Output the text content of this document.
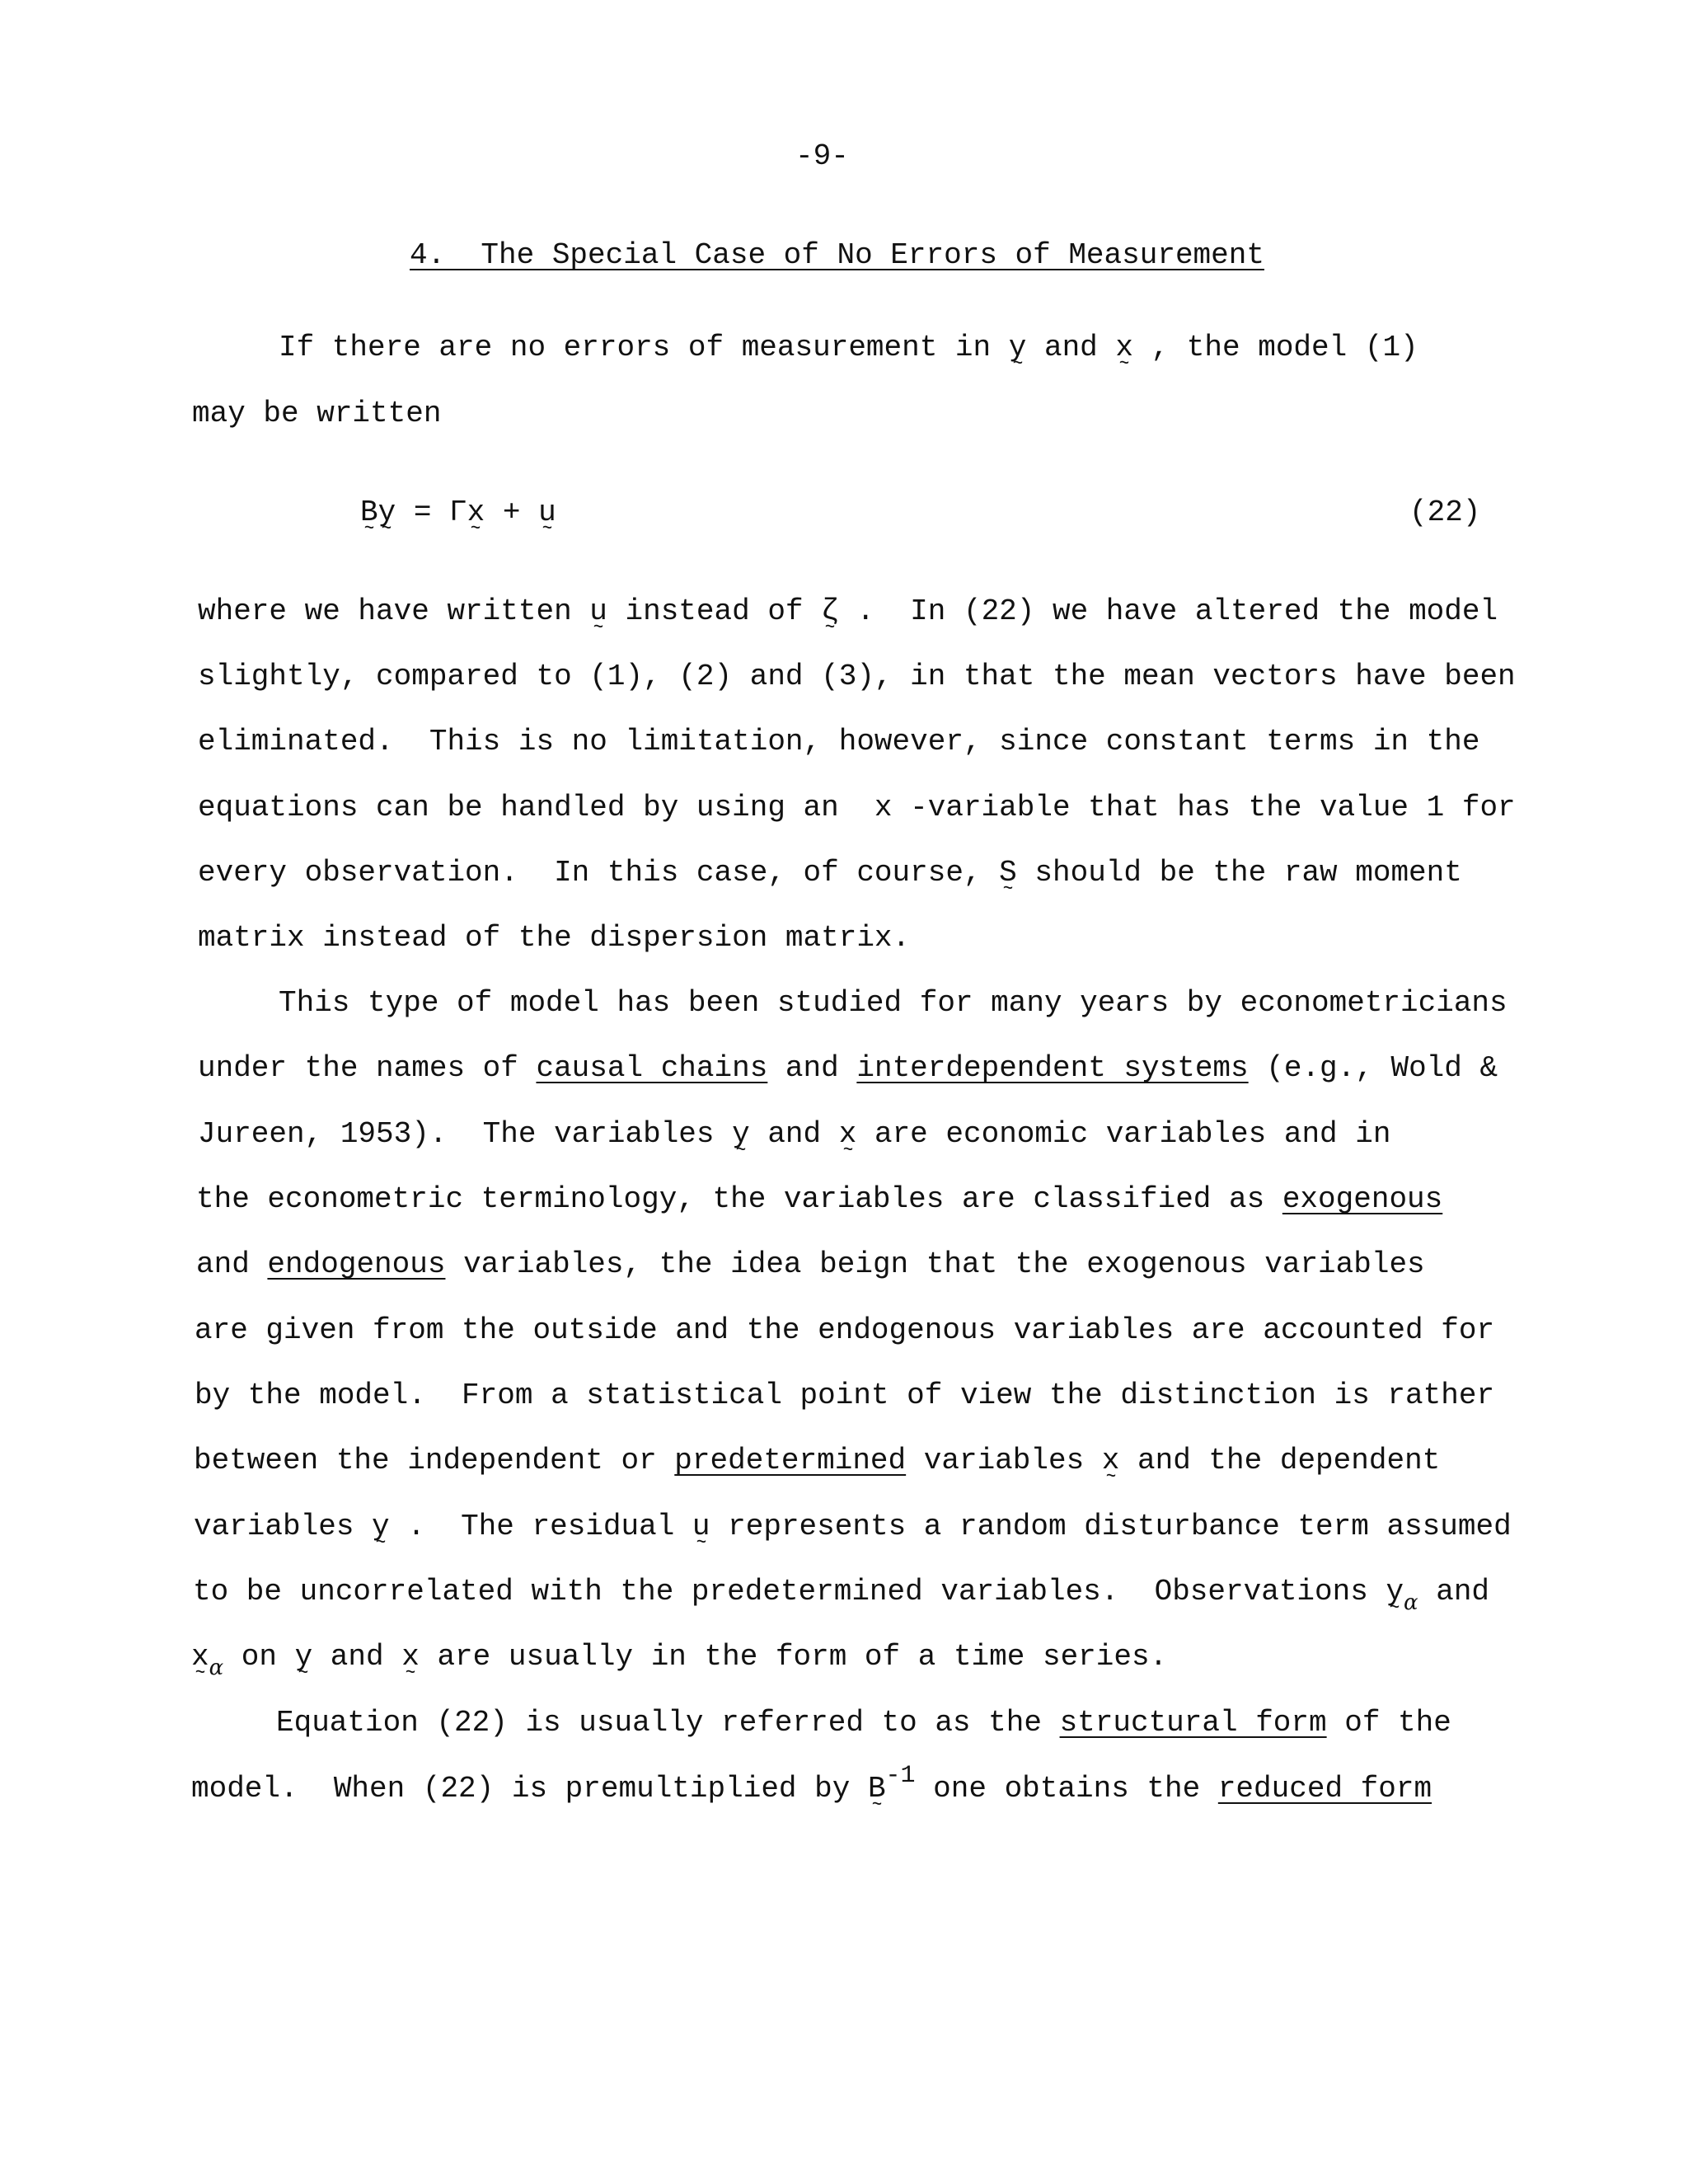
-9-
4.  The Special Case of No Errors of Measurement
If there are no errors of measurement in y ~ and x ~ , the model (1)
may be written
B ~y ~ = Γx ~ + u ~	(22)
where we have written u ~ instead of ζ ~ .  In (22) we have altered the model
slightly, compared to (1), (2) and (3), in that the mean vectors have been
eliminated.  This is no limitation, however, since constant terms in the
equations can be handled by using an  x -variable that has the value 1 for
every observation.  In this case, of course, S ~ should be the raw moment
matrix instead of the dispersion matrix.
This type of model has been studied for many years by econometricians
under the names of causal chains and interdependent systems (e.g., Wold &
Jureen, 1953).  The variables y ~ and x ~ are economic variables and in
the econometric terminology, the variables are classified as exogenous
and endogenous variables, the idea beign that the exogenous variables
are given from the outside and the endogenous variables are accounted for
by the model.  From a statistical point of view the distinction is rather
between the independent or predetermined variables x ~ and the dependent
variables y ~ .  The residual u ~ represents a random disturbance term assumed
to be uncorrelated with the predetermined variables.  Observations y $\sim_\alpha$ and
x $\sim_\alpha$ on y ~ and x ~ are usually in the form of a time series.
Equation (22) is usually referred to as the structural form of the
model.  When (22) is premultiplied by B ~$^{-1}$ one obtains the reduced form
